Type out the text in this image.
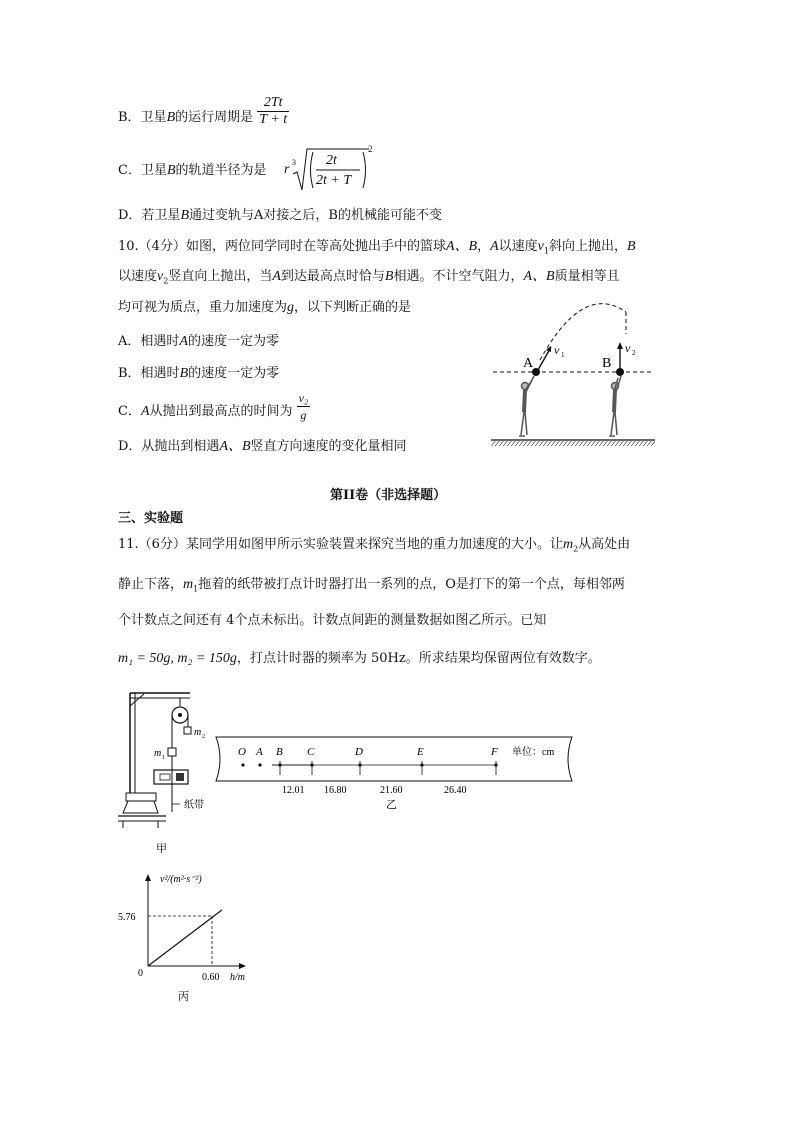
B．卫星B的运行周期是 $\frac{2Tt}{T + t}$
C．卫星B的轨道半径为是 r 3 2t
2t + T
2
D．若卫星B通过变轨与A对接之后，B的机械能可能不变
10.（4分）如图，两位同学同时在等高处抛出手中的篮球A、B，A以速度$v_1$斜向上抛出，B
以速度$v_2$竖直向上抛出，当A到达最高点时恰与B相遇。不计空气阻力，A、B质量相等且
均可视为质点，重力加速度为g，以下判断正确的是
A．相遇时A的速度一定为零
B．相遇时B的速度一定为零
C．A从抛出到最高点的时间为 $\frac{\text{v₂}}{g}$
D．从抛出到相遇A、B竖直方向速度的变化量相同
A	B
v 1	v 2
第II卷（非选择题）
三、实验题
11.（6分）某同学用如图甲所示实验装置来探究当地的重力加速度的大小。让$m_2$从高处由
静止下落，$m_1$拖着的纸带被打点计时器打出一系列的点，O是打下的第一个点，每相邻两
个计数点之间还有 4个点未标出。计数点间距的测量数据如图乙所示。已知
m₁ = 50g, m₂ = 150g，打点计时器的频率为 50Hz。所求结果均保留两位有效数字。
m 2
m 1
纸带
甲
O A B C	D	E	F 单位：cm
12.01 16.80	21.60	26.40
乙
v²/(m²·s⁻²)
h/m
0
5.76
0.60
丙
